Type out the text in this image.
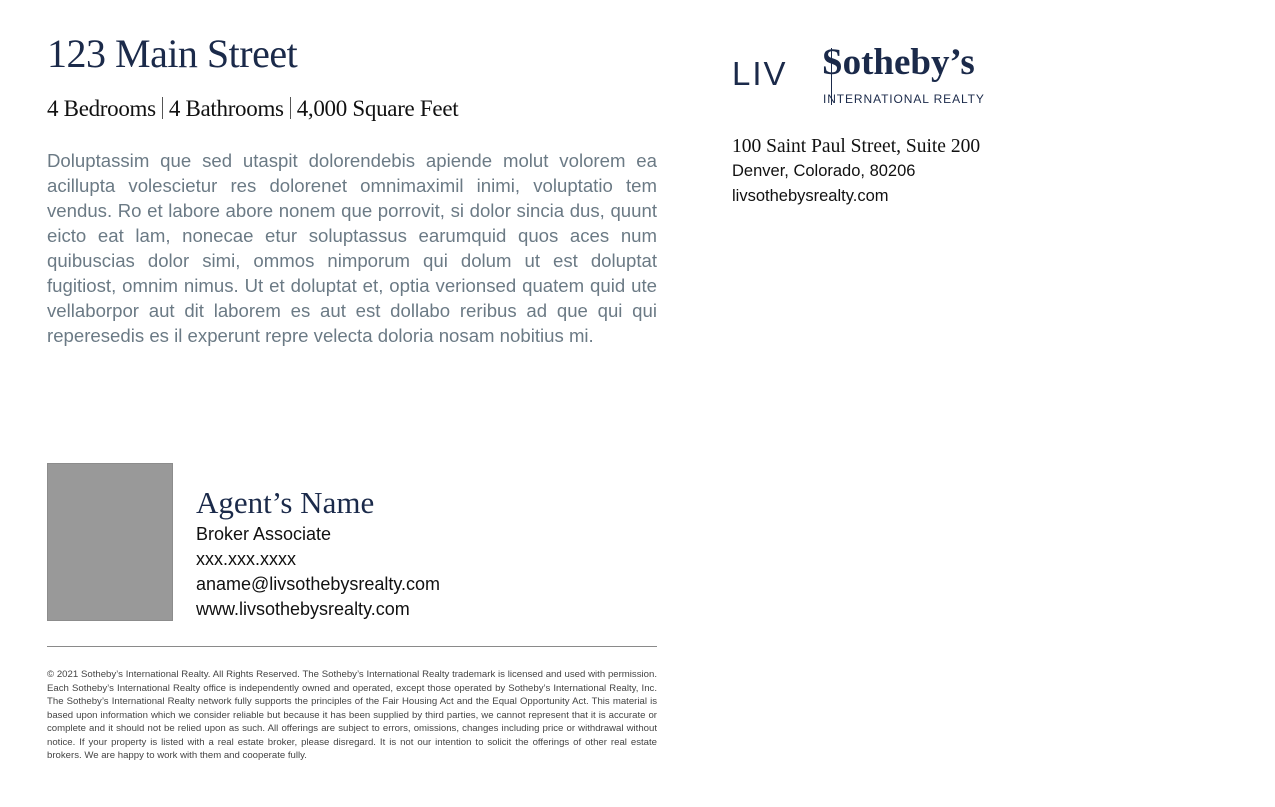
123 Main Street
4 Bedrooms 4 Bathrooms 4,000 Square Feet

Doluptassim que sed utaspit dolorendebis apiende molut volorem ea acillupta volescietur res dolorenet omnimaximil inimi, voluptatio tem vendus. Ro et labore abore nonem que porrovit, si dolor sincia dus, quunt eicto eat lam, nonecae etur soluptassus earumquid quos aces num quibuscias dolor simi, ommos nimporum qui dolum ut est doluptat fugitiost, omnim nimus. Ut et doluptat et, optia verionsed quatem quid ute vellaborpor aut dit laborem es aut est dollabo reribus ad que qui qui reperesedis es il experunt repre velecta doloria nosam nobitius mi.

LIV Sotheby’s
INTERNATIONAL REALTY
100 Saint Paul Street, Suite 200
Denver, Colorado, 80206
livsothebysrealty.com
Agent’s Name
Broker Associate
xxx.xxx.xxxx
aname@livsothebysrealty.com
www.livsothebysrealty.com

© 2021 Sotheby’s International Realty. All Rights Reserved. The Sotheby’s International Realty trademark is licensed and used with permission. Each Sotheby’s International Realty office is independently owned and operated, except those operated by Sotheby’s International Realty, Inc. The Sotheby’s International Realty network fully supports the principles of the Fair Housing Act and the Equal Opportunity Act. This material is based upon information which we consider reliable but because it has been supplied by third parties, we cannot represent that it is accurate or complete and it should not be relied upon as such. All offerings are subject to errors, omissions, changes including price or withdrawal without notice. If your property is listed with a real estate broker, please disregard. It is not our intention to solicit the offerings of other real estate brokers. We are happy to work with them and cooperate fully.
